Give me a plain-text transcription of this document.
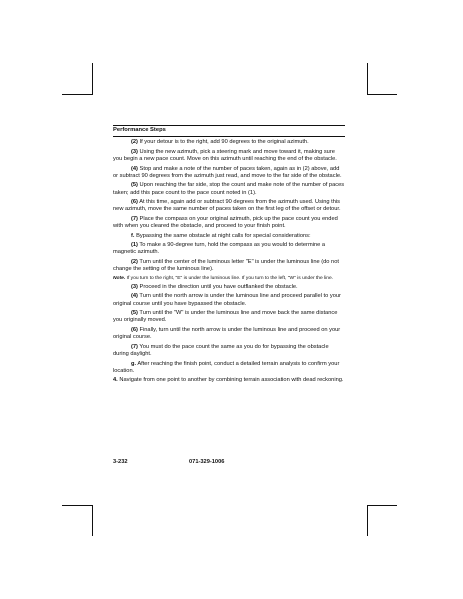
Performance Steps

(2) If your detour is to the right, add 90 degrees to the original azimuth.

(3) Using the new azimuth, pick a steering mark and move toward it, making sure you begin a new pace count. Move on this azimuth until reaching the end of the obstacle.

(4) Stop and make a note of the number of paces taken, again as in (2) above, add or subtract 90 degrees from the azimuth just read, and move to the far side of the obstacle.

(5) Upon reaching the far side, stop the count and make note of the number of paces taken; add this pace count to the pace count noted in (1).

(6) At this time, again add or subtract 90 degrees from the azimuth used. Using this new azimuth, move the same number of paces taken on the first leg of the offset or detour.

(7) Place the compass on your original azimuth, pick up the pace count you ended with when you cleared the obstacle, and proceed to your finish point.

f. Bypassing the same obstacle at night calls for special considerations:

(1) To make a 90-degree turn, hold the compass as you would to determine a magnetic azimuth.

(2) Turn until the center of the luminous letter "E" is under the luminous line (do not change the setting of the luminous line).

Note. If you turn to the right, "E" is under the luminous line. If you turn to the left, "W" is under the line.

(3) Proceed in the direction until you have outflanked the obstacle.

(4) Turn until the north arrow is under the luminous line and proceed parallel to your original course until you have bypassed the obstacle.

(5) Turn until the "W" is under the luminous line and move back the same distance you originally moved.

(6) Finally, turn until the north arrow is under the luminous line and proceed on your original course.

(7) You must do the pace count the same as you do for bypassing the obstacle during daylight.

g. After reaching the finish point, conduct a detailed terrain analysis to confirm your location.

4. Navigate from one point to another by combining terrain association with dead reckoning.

3-232	071-329-1006
